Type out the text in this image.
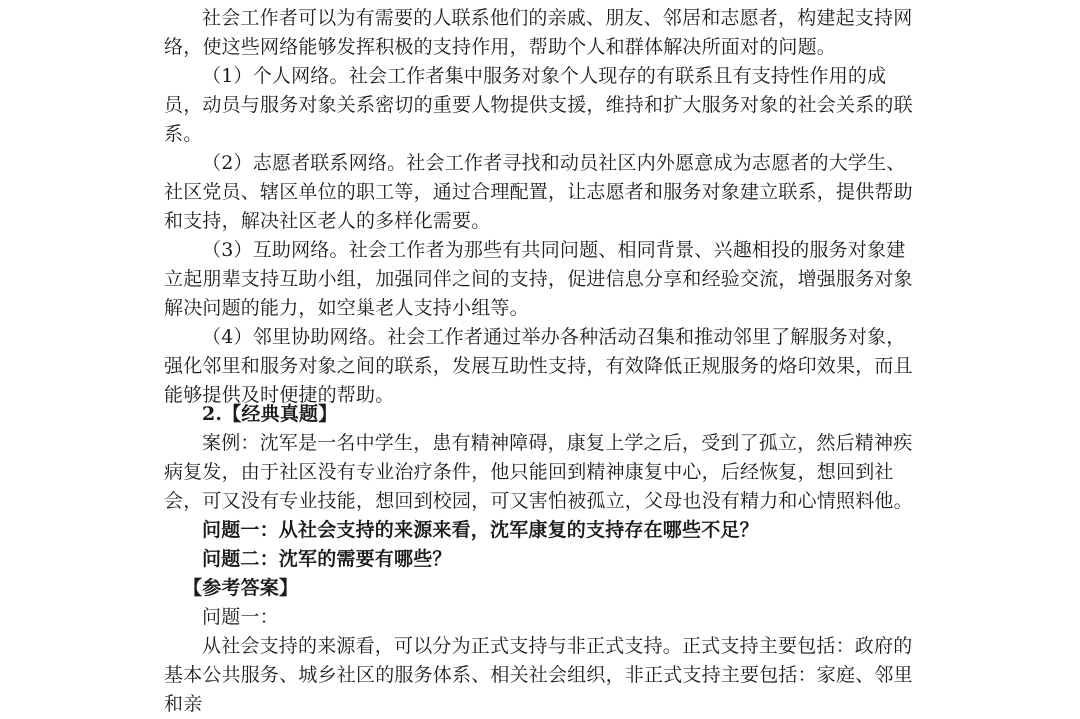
社会工作者可以为有需要的人联系他们的亲戚、朋友、邻居和志愿者，构建起支持网络，使这些网络能够发挥积极的支持作用，帮助个人和群体解决所面对的问题。

（1）个人网络。社会工作者集中服务对象个人现存的有联系且有支持性作用的成员，动员与服务对象关系密切的重要人物提供支援，维持和扩大服务对象的社会关系的联系。

（2）志愿者联系网络。社会工作者寻找和动员社区内外愿意成为志愿者的大学生、社区党员、辖区单位的职工等，通过合理配置，让志愿者和服务对象建立联系，提供帮助和支持，解决社区老人的多样化需要。

（3）互助网络。社会工作者为那些有共同问题、相同背景、兴趣相投的服务对象建立起朋辈支持互助小组，加强同伴之间的支持，促进信息分享和经验交流，增强服务对象解决问题的能力，如空巢老人支持小组等。

（4）邻里协助网络。社会工作者通过举办各种活动召集和推动邻里了解服务对象，强化邻里和服务对象之间的联系，发展互助性支持，有效降低正规服务的烙印效果，而且能够提供及时便捷的帮助。

2.【经典真题】

案例：沈军是一名中学生，患有精神障碍，康复上学之后，受到了孤立，然后精神疾病复发，由于社区没有专业治疗条件，他只能回到精神康复中心，后经恢复，想回到社会，可又没有专业技能，想回到校园，可又害怕被孤立，父母也没有精力和心情照料他。

问题一：从社会支持的来源来看，沈军康复的支持存在哪些不足？

问题二：沈军的需要有哪些？

【参考答案】

问题一：

从社会支持的来源看，可以分为正式支持与非正式支持。正式支持主要包括：政府的基本公共服务、城乡社区的服务体系、相关社会组织，非正式支持主要包括：家庭、邻里和亲
